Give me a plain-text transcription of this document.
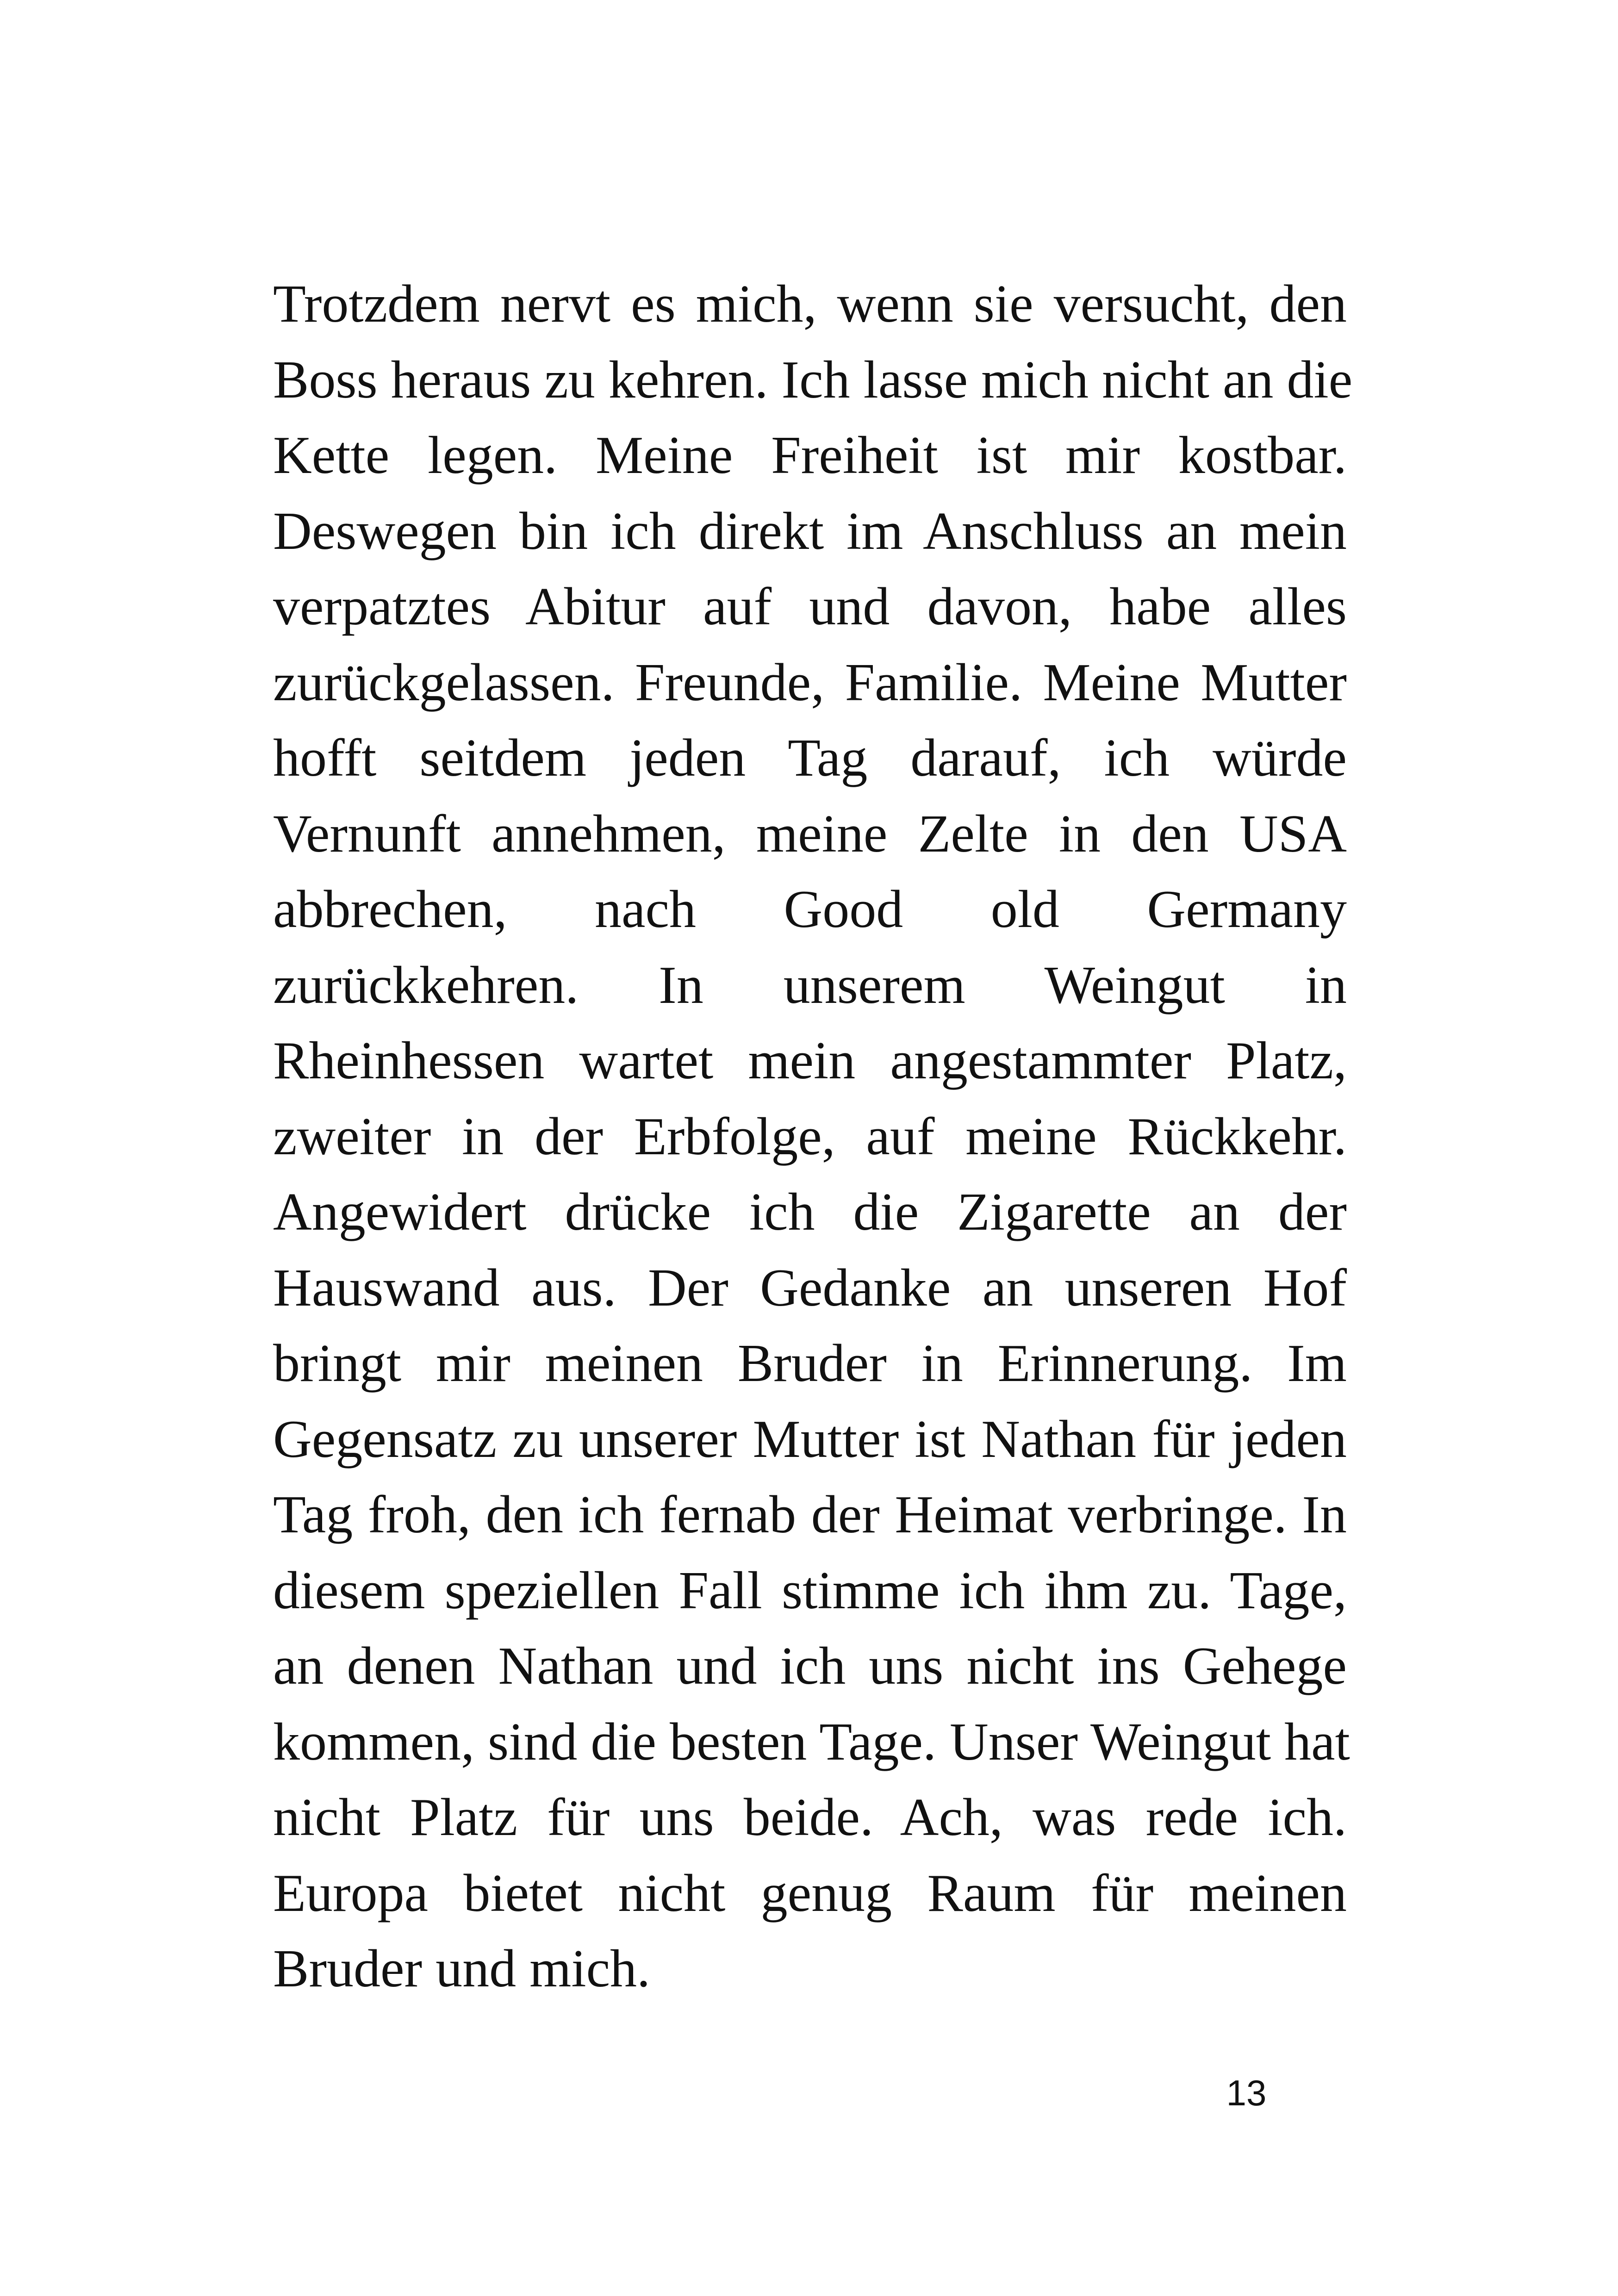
Trotzdem nervt es mich, wenn sie versucht, den
Boss heraus zu kehren. Ich lasse mich nicht an die
Kette legen. Meine Freiheit ist mir kostbar.
Deswegen bin ich direkt im Anschluss an mein
verpatztes Abitur auf und davon, habe alles
zurückgelassen. Freunde, Familie. Meine Mutter
hofft seitdem jeden Tag darauf, ich würde
Vernunft annehmen, meine Zelte in den USA
abbrechen, nach Good old Germany
zurückkehren. In unserem Weingut in
Rheinhessen wartet mein angestammter Platz,
zweiter in der Erbfolge, auf meine Rückkehr.
Angewidert drücke ich die Zigarette an der
Hauswand aus. Der Gedanke an unseren Hof
bringt mir meinen Bruder in Erinnerung. Im
Gegensatz zu unserer Mutter ist Nathan für jeden
Tag froh, den ich fernab der Heimat verbringe. In
diesem speziellen Fall stimme ich ihm zu. Tage,
an denen Nathan und ich uns nicht ins Gehege
kommen, sind die besten Tage. Unser Weingut hat
nicht Platz für uns beide. Ach, was rede ich.
Europa bietet nicht genug Raum für meinen
Bruder und mich.
13
